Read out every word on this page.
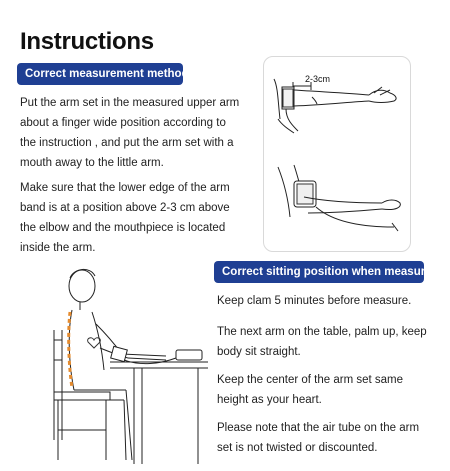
Instructions
Correct measurement method
Put the arm set in the measured upper arm about a finger wide position according to the instruction , and put the arm set with a mouth away to the little arm.
Make sure that the lower edge of the arm band is at a position above 2-3 cm above the elbow and the mouthpiece is located inside the arm.
2-3cm
Correct sitting position when measure
Keep clam 5 minutes before measure.
The next arm on the table, palm up, keep body sit straight.
Keep the center of the arm set same height as your heart.
Please note that the air tube on the arm set is not twisted or discounted.
